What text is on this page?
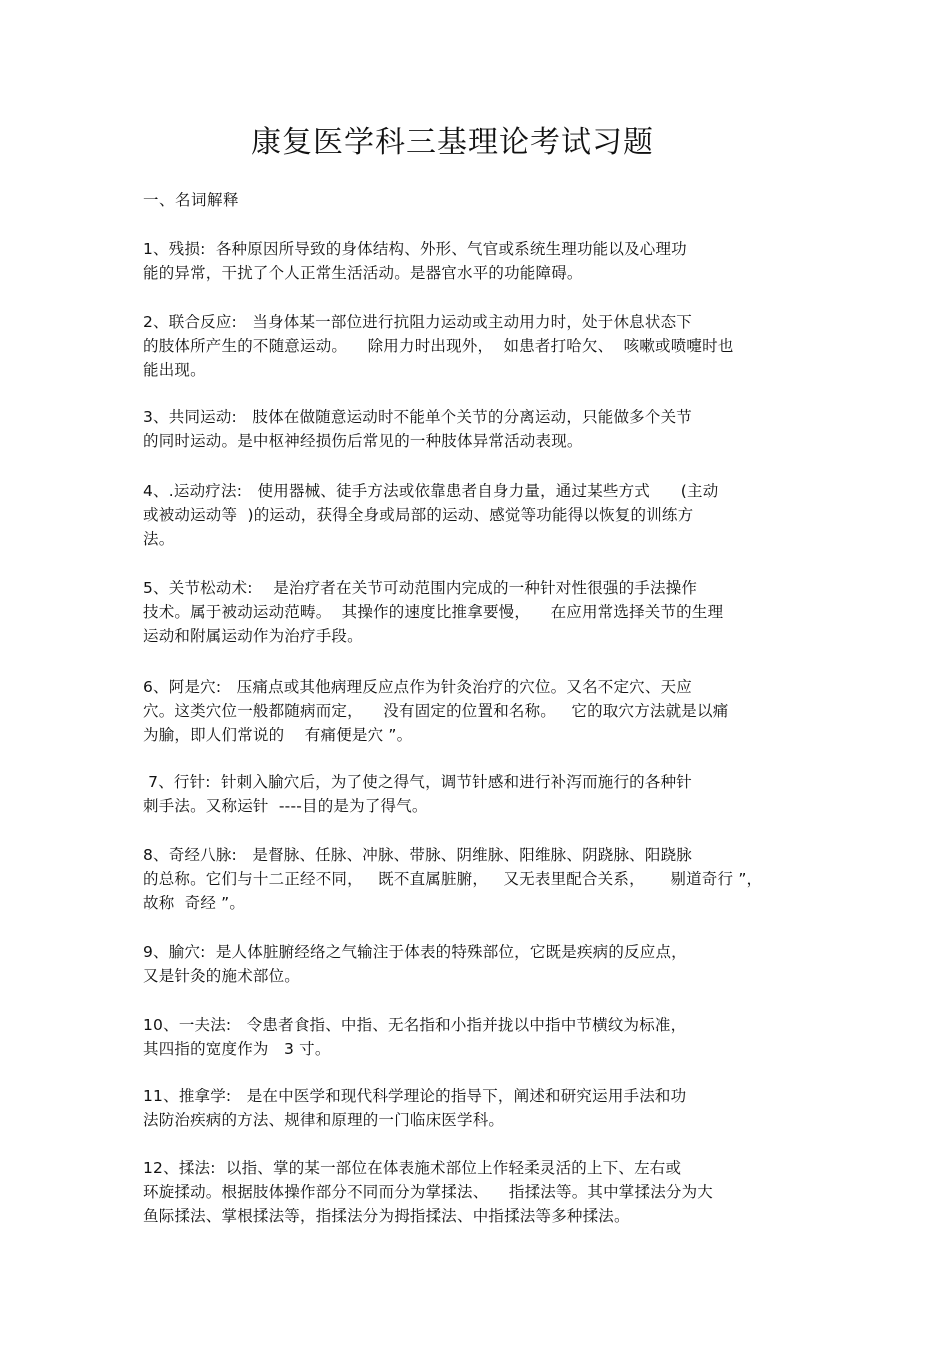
康复医学科三基理论考试习题
一、名词解释
1、残损:  各种原因所导致的身体结构、外形、气官或系统生理功能以及心理功
能的异常，干扰了个人正常生活活动。是器官水平的功能障碍。
2、联合反应:   当身体某一部位进行抗阻力运动或主动用力时，处于休息状态下
的肢体所产生的不随意运动。    除用力时出现外，  如患者打哈欠、  咳嗽或喷嚏时也
能出现。
3、共同运动:   肢体在做随意运动时不能单个关节的分离运动，只能做多个关节
的同时运动。是中枢神经损伤后常见的一种肢体异常活动表现。
4、.运动疗法:   使用器械、徒手方法或依靠患者自身力量，通过某些方式      (主动
或被动运动等  )的运动，获得全身或局部的运动、感觉等功能得以恢复的训练方
法。
5、关节松动术:    是治疗者在关节可动范围内完成的一种针对性很强的手法操作
技术。属于被动运动范畴。  其操作的速度比推拿要慢，    在应用常选择关节的生理
运动和附属运动作为治疗手段。
6、阿是穴:   压痛点或其他病理反应点作为针灸治疗的穴位。又名不定穴、天应
穴。这类穴位一般都随病而定，    没有固定的位置和名称。   它的取穴方法就是以痛
为腧，即人们常说的    有痛便是穴 ”。
7、行针:  针刺入腧穴后，为了使之得气，调节针感和进行补泻而施行的各种针
刺手法。又称运针  ----目的是为了得气。
8、奇经八脉:   是督脉、任脉、冲脉、带脉、阴维脉、阳维脉、阴跷脉、阳跷脉
的总称。它们与十二正经不同，   既不直属脏腑，   又无表里配合关系，     剔道奇行 ”，
故称  奇经 ”。
9、腧穴:  是人体脏腑经络之气输注于体表的特殊部位，它既是疾病的反应点，
又是针灸的施术部位。
10、一夫法:   令患者食指、中指、无名指和小指并拢以中指中节横纹为标准，
其四指的宽度作为   3 寸。
11、推拿学:   是在中医学和现代科学理论的指导下，阐述和研究运用手法和功
法防治疾病的方法、规律和原理的一门临床医学科。
12、揉法:  以指、掌的某一部位在体表施术部位上作轻柔灵活的上下、左右或
环旋揉动。根据肢体操作部分不同而分为掌揉法、    指揉法等。其中掌揉法分为大
鱼际揉法、掌根揉法等，指揉法分为拇指揉法、中指揉法等多种揉法。
